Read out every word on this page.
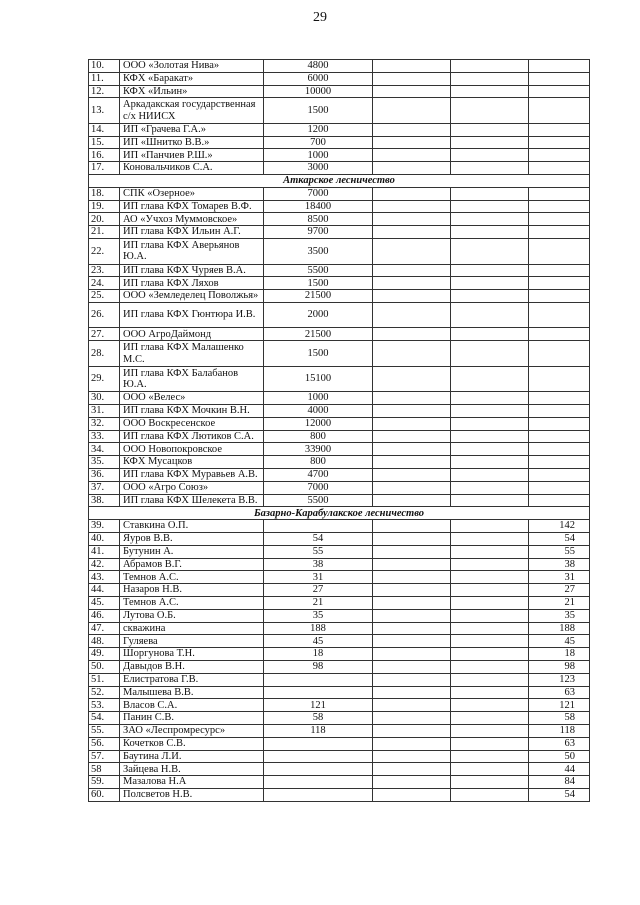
29
10.	ООО «Золотая Нива»	4800			
11.	КФХ «Баракат»	6000			
12.	КФХ «Ильин»	10000			
13.	Аркадакская государственная с/х НИИСХ	1500			
14.	ИП «Грачева Г.А.»	1200			
15.	ИП «Шнитко В.В.»	700			
16.	ИП «Панчиев Р.Ш.»	1000			
17.	Коновальчиков С.А.	3000			
Аткарское лесничество					
18.	СПК «Озерное»	7000			
19.	ИП глава КФХ Томарев В.Ф.	18400			
20.	АО «Учхоз Муммовское»	8500			
21.	ИП глава КФХ Ильин А.Г.	9700			
22.	ИП глава КФХ Аверьянов Ю.А.	3500			
23.	ИП глава КФХ Чуряев В.А.	5500			
24.	ИП глава КФХ Ляхов	1500			
25.	ООО «Земледелец Поволжья»	21500			
26.	ИП глава КФХ Гюнтюра И.В.	2000			
27.	ООО АгроДаймонд	21500			
28.	ИП глава КФХ Малашенко М.С.	1500			
29.	ИП глава КФХ Балабанов Ю.А.	15100			
30.	ООО «Велес»	1000			
31.	ИП глава КФХ Мочкин В.Н.	4000			
32.	ООО Воскресенское	12000			
33.	ИП глава КФХ Лютиков С.А.	800			
34.	ООО Новопокровское	33900			
35.	КФХ Мусацков	800			
36.	ИП глава КФХ Муравьев А.В.	4700			
37.	ООО «Агро Союз»	7000			
38.	ИП глава КФХ Шелекета В.В.	5500			
Базарно-Карабулакское лесничество					
39.	Ставкина О.П.				142
40.	Яуров В.В.	54			54
41.	Бутунин А.	55			55
42.	Абрамов В.Г.	38			38
43.	Темнов А.С.	31			31
44.	Назаров Н.В.	27			27
45.	Темнов А.С.	21			21
46.	Лутова О.Б.	35			35
47.	скважина	188			188
48.	Гуляева	45			45
49.	Шоргунова Т.Н.	18			18
50.	Давыдов В.Н.	98			98
51.	Елистратова Г.В.				123
52.	Малышева В.В.				63
53.	Власов С.А.	121			121
54.	Панин С.В.	58			58
55.	ЗАО «Леспромресурс»	118			118
56.	Кочетков С.В.				63
57.	Баутина Л.И.				50
58	Зайцева Н.В.				44
59.	Мазалова Н.А				84
60.	Полсветов Н.В.				54
